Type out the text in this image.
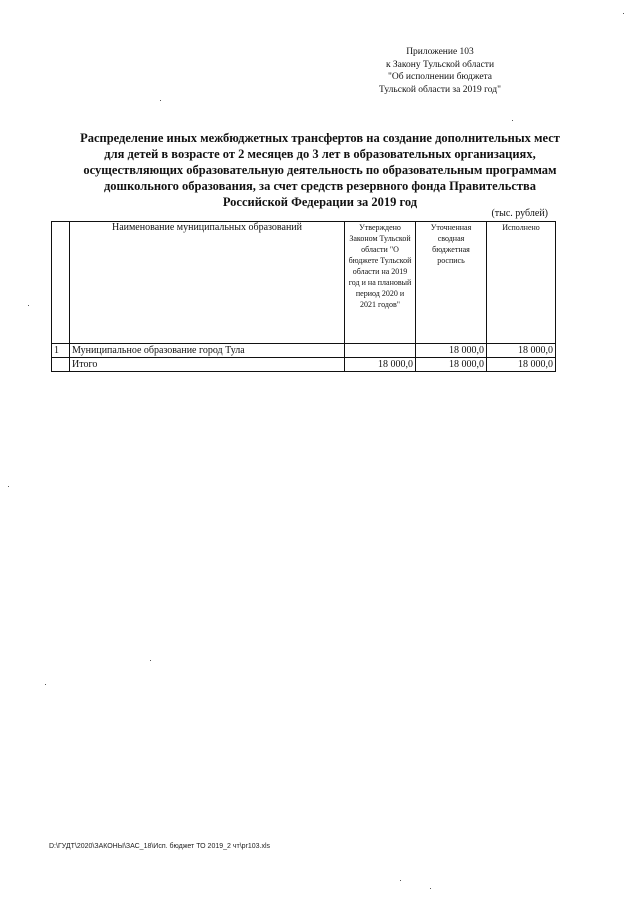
Приложение 103
к Закону Тульской области
"Об исполнении бюджета
Тульской области за 2019 год"
Распределение иных межбюджетных трансфертов на создание дополнительных мест
для детей в возрасте от 2 месяцев до 3 лет в образовательных организациях,
осуществляющих образовательную деятельность по образовательным программам
дошкольного образования, за счет средств резервного фонда Правительства
Российской Федерации за 2019 год
(тыс. рублей)
	Наименование муниципальных образований	Утверждено Законом Тульской области "О бюджете Тульской области на 2019 год и на плановый период 2020 и 2021 годов"	Уточненная сводная бюджетная роспись	Исполнено
1	Муниципальное образование город Тула		18 000,0	18 000,0
	Итого	18 000,0	18 000,0	18 000,0
D:\ГУДТ\2020\ЗАКОНЫ\ЗАС_18\Исп. бюджет ТО 2019_2 чт\pr103.xls
